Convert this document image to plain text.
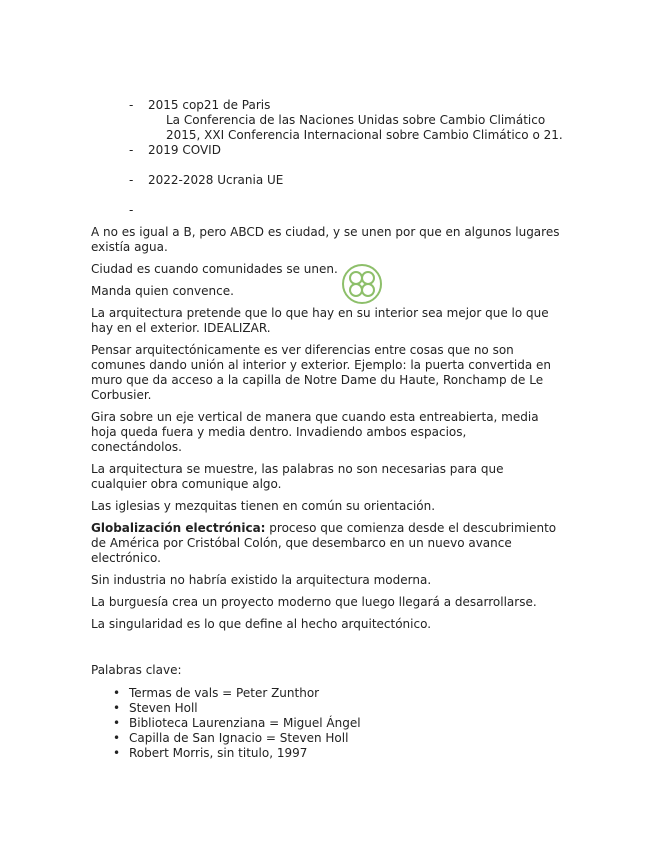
- 2015 cop21 de Paris
La Conferencia de las Naciones Unidas sobre Cambio Climático
2015, XXI Conferencia Internacional sobre Cambio Climático o 21.
- 2019 COVID
- 2022-2028 Ucrania UE
-

A no es igual a B, pero ABCD es ciudad, y se unen por que en algunos lugares existía agua.

Ciudad es cuando comunidades se unen.

Manda quien convence.

La arquitectura pretende que lo que hay en su interior sea mejor que lo que hay en el exterior. IDEALIZAR.

Pensar arquitectónicamente es ver diferencias entre cosas que no son comunes dando unión al interior y exterior. Ejemplo: la puerta convertida en muro que da acceso a la capilla de Notre Dame du Haute, Ronchamp de Le Corbusier.

Gira sobre un eje vertical de manera que cuando esta entreabierta, media hoja queda fuera y media dentro. Invadiendo ambos espacios, conectándolos.

La arquitectura se muestre, las palabras no son necesarias para que cualquier obra comunique algo.

Las iglesias y mezquitas tienen en común su orientación.

Globalización electrónica: proceso que comienza desde el descubrimiento de América por Cristóbal Colón, que desembarco en un nuevo avance electrónico.

Sin industria no habría existido la arquitectura moderna.

La burguesía crea un proyecto moderno que luego llegará a desarrollarse.

La singularidad es lo que define al hecho arquitectónico.

Palabras clave:
• Termas de vals = Peter Zunthor
• Steven Holl
• Biblioteca Laurenziana = Miguel Ángel
• Capilla de San Ignacio = Steven Holl
• Robert Morris, sin titulo, 1997
